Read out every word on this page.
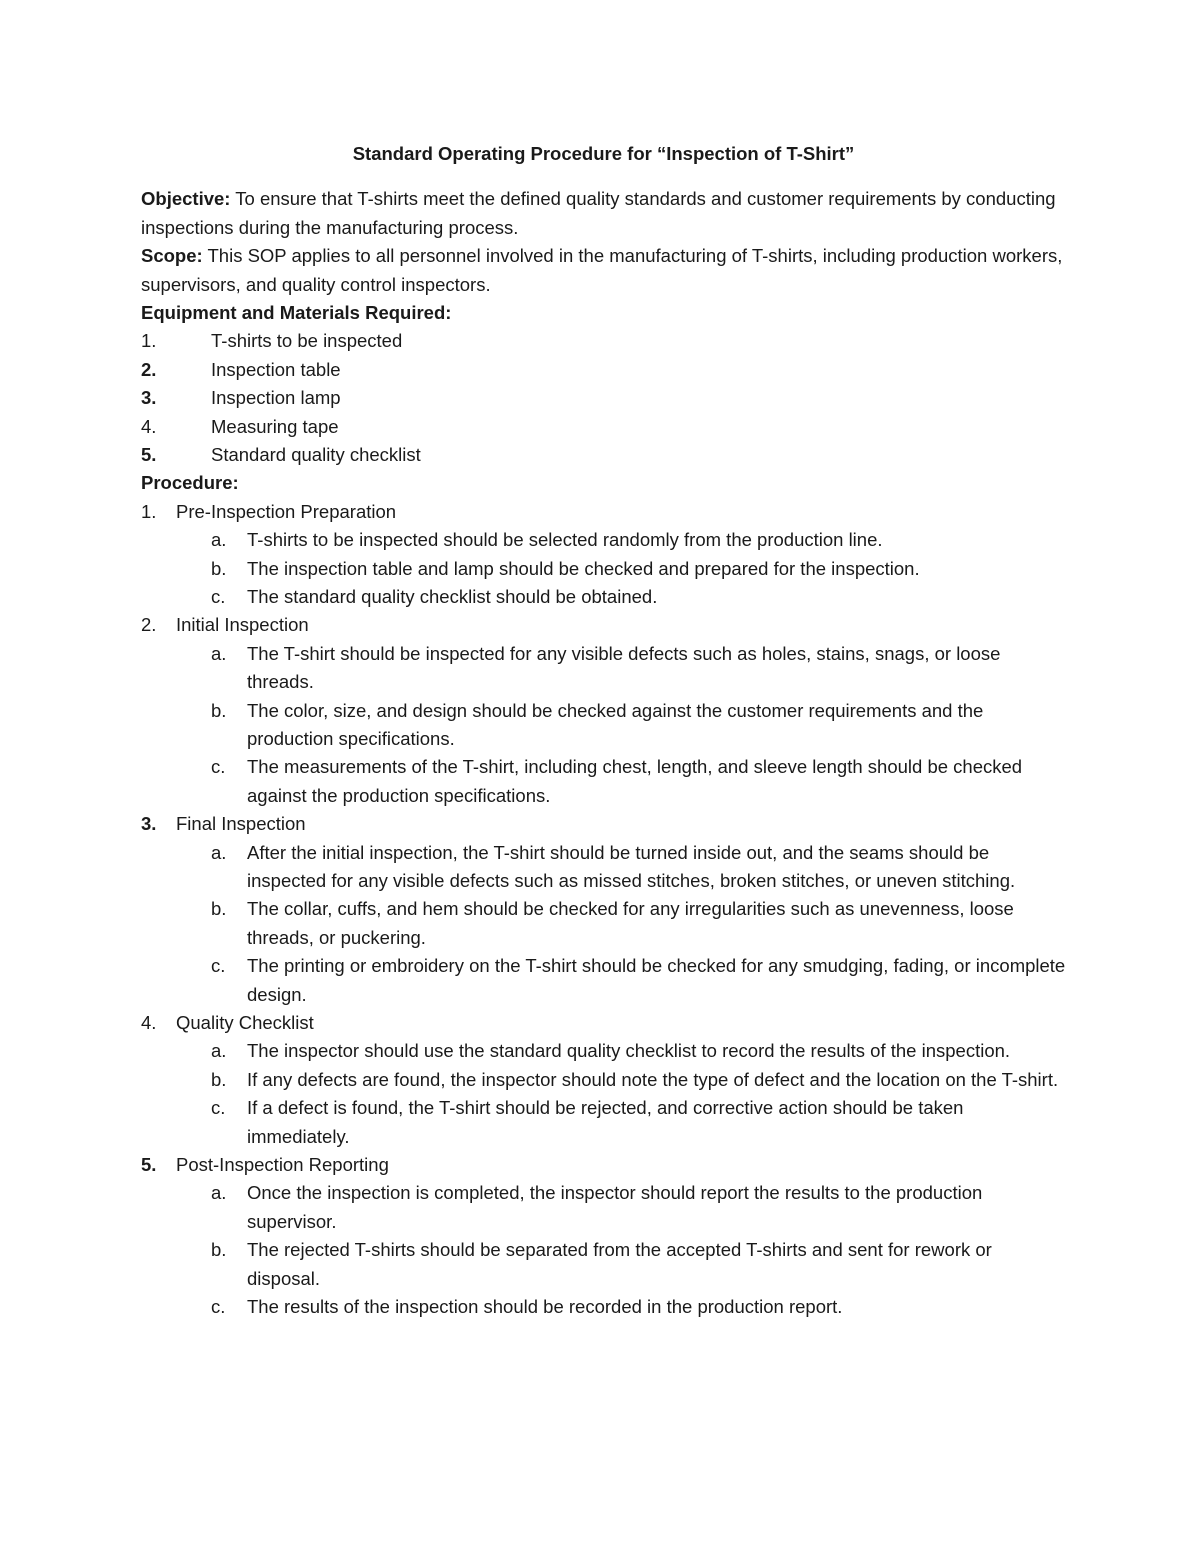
Standard Operating Procedure for “Inspection of T-Shirt”

Objective: To ensure that T-shirts meet the defined quality standards and customer requirements by conducting inspections during the manufacturing process.

Scope: This SOP applies to all personnel involved in the manufacturing of T-shirts, including production workers, supervisors, and quality control inspectors.

Equipment and Materials Required:

1.	T-shirts to be inspected
2.	Inspection table
3.	Inspection lamp
4.	Measuring tape
5.	Standard quality checklist

Procedure:

1.	Pre-Inspection Preparation
a.	T-shirts to be inspected should be selected randomly from the production line.
b.	The inspection table and lamp should be checked and prepared for the inspection.
c.	The standard quality checklist should be obtained.
2.	Initial Inspection
a.	The T-shirt should be inspected for any visible defects such as holes, stains, snags, or loose threads.
b.	The color, size, and design should be checked against the customer requirements and the production specifications.
c.	The measurements of the T-shirt, including chest, length, and sleeve length should be checked against the production specifications.
3.	Final Inspection
a.	After the initial inspection, the T-shirt should be turned inside out, and the seams should be inspected for any visible defects such as missed stitches, broken stitches, or uneven stitching.
b.	The collar, cuffs, and hem should be checked for any irregularities such as unevenness, loose threads, or puckering.
c.	The printing or embroidery on the T-shirt should be checked for any smudging, fading, or incomplete design.
4.	Quality Checklist
a.	The inspector should use the standard quality checklist to record the results of the inspection.
b.	If any defects are found, the inspector should note the type of defect and the location on the T-shirt.
c.	If a defect is found, the T-shirt should be rejected, and corrective action should be taken immediately.
5.	Post-Inspection Reporting
a.	Once the inspection is completed, the inspector should report the results to the production supervisor.
b.	The rejected T-shirts should be separated from the accepted T-shirts and sent for rework or disposal.
c.	The results of the inspection should be recorded in the production report.
